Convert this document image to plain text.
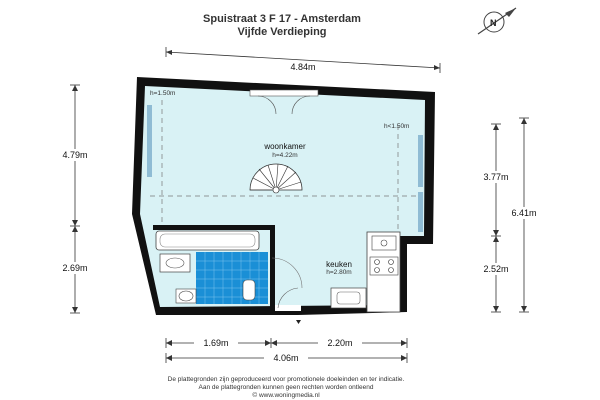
Spuistraat 3 F 17 - Amsterdam
Vijfde Verdieping
N
woonkamer
h=4.22m
keuken
h=2.80m
h=1.50m
h<1.50m
4.84m
4.79m
2.69m
3.77m
2.52m
6.41m
1.69m	2.20m
4.06m
De plattegronden zijn geproduceerd voor promotionele doeleinden en ter indicatie.
Aan de plattegronden kunnen geen rechten worden ontleend
© www.woningmedia.nl
